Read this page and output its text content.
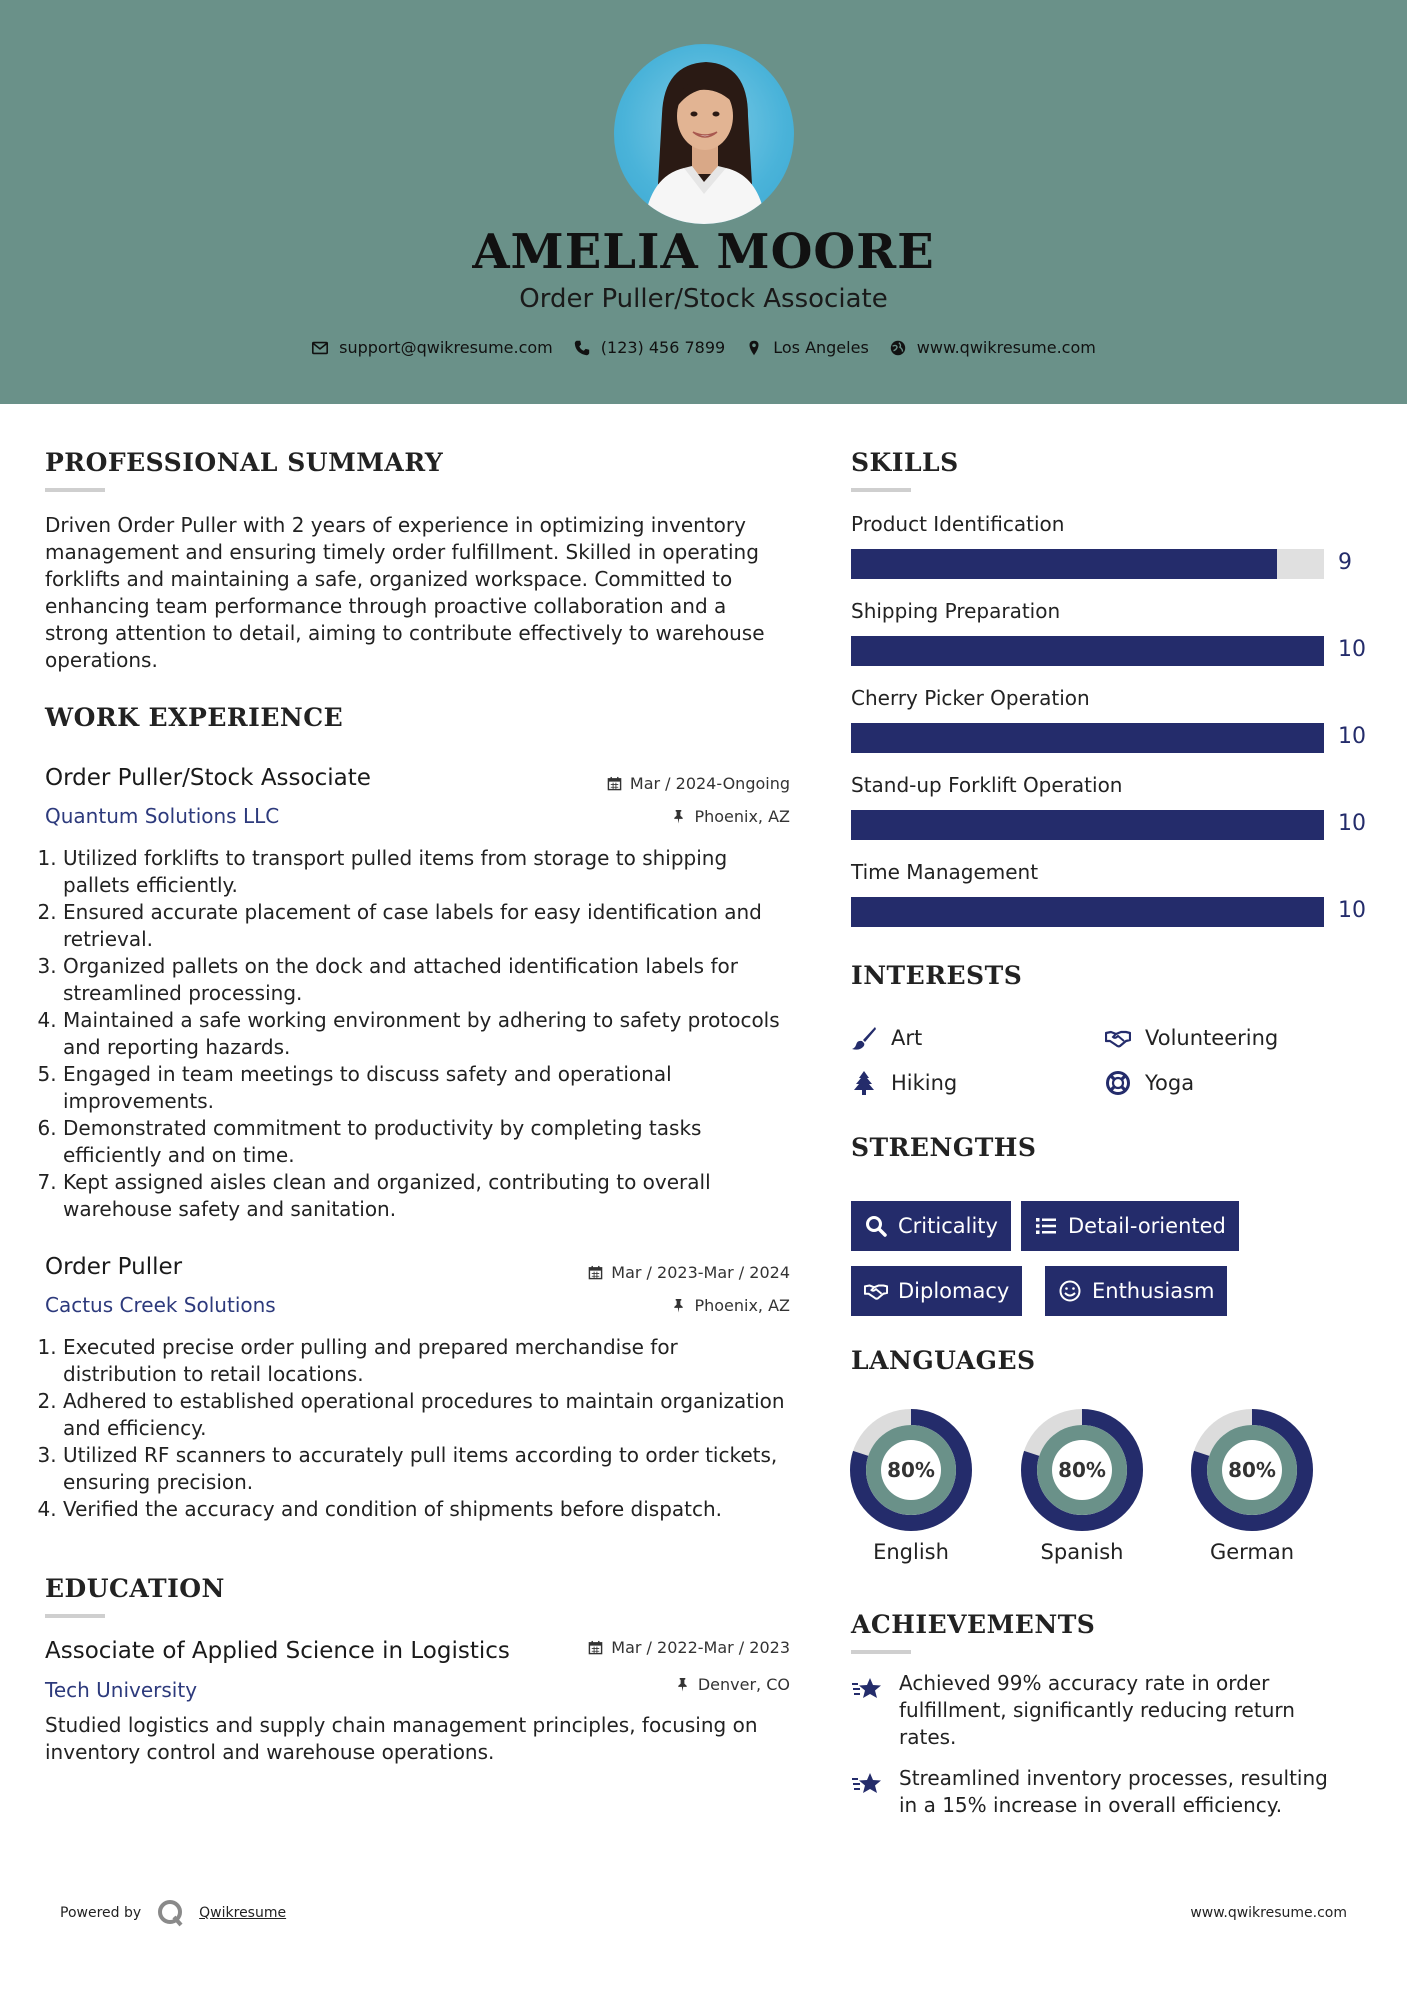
AMELIA MOORE
Order Puller/Stock Associate
support@qwikresume.com	(123) 456 7899	Los Angeles	www.qwikresume.com
PROFESSIONAL SUMMARY
Driven Order Puller with 2 years of experience in optimizing inventory management and ensuring timely order fulfillment. Skilled in operating forklifts and maintaining a safe, organized workspace. Committed to enhancing team performance through proactive collaboration and a strong attention to detail, aiming to contribute effectively to warehouse operations.
WORK EXPERIENCE
Order Puller/Stock Associate	Mar / 2024-Ongoing
Quantum Solutions LLC	Phoenix, AZ
1. Utilized forklifts to transport pulled items from storage to shipping pallets efficiently.
2. Ensured accurate placement of case labels for easy identification and retrieval.
3. Organized pallets on the dock and attached identification labels for streamlined processing.
4. Maintained a safe working environment by adhering to safety protocols and reporting hazards.
5. Engaged in team meetings to discuss safety and operational improvements.
6. Demonstrated commitment to productivity by completing tasks efficiently and on time.
7. Kept assigned aisles clean and organized, contributing to overall warehouse safety and sanitation.
Order Puller	Mar / 2023-Mar / 2024
Cactus Creek Solutions	Phoenix, AZ
1. Executed precise order pulling and prepared merchandise for distribution to retail locations.
2. Adhered to established operational procedures to maintain organization and efficiency.
3. Utilized RF scanners to accurately pull items according to order tickets, ensuring precision.
4. Verified the accuracy and condition of shipments before dispatch.
EDUCATION
Associate of Applied Science in Logistics	Mar / 2022-Mar / 2023
Tech University	Denver, CO
Studied logistics and supply chain management principles, focusing on inventory control and warehouse operations.
SKILLS
Product Identification
9
Shipping Preparation
10
Cherry Picker Operation
10
Stand-up Forklift Operation
10
Time Management
10
INTERESTS
Art	Volunteering
Hiking	Yoga
STRENGTHS
Criticality	Detail-oriented
Diplomacy	Enthusiasm
LANGUAGES
80%
English
80%
Spanish
80%
German
ACHIEVEMENTS
Achieved 99% accuracy rate in order fulfillment, significantly reducing return rates.
Streamlined inventory processes, resulting in a 15% increase in overall efficiency.
Powered by	Qwikresume	www.qwikresume.com
